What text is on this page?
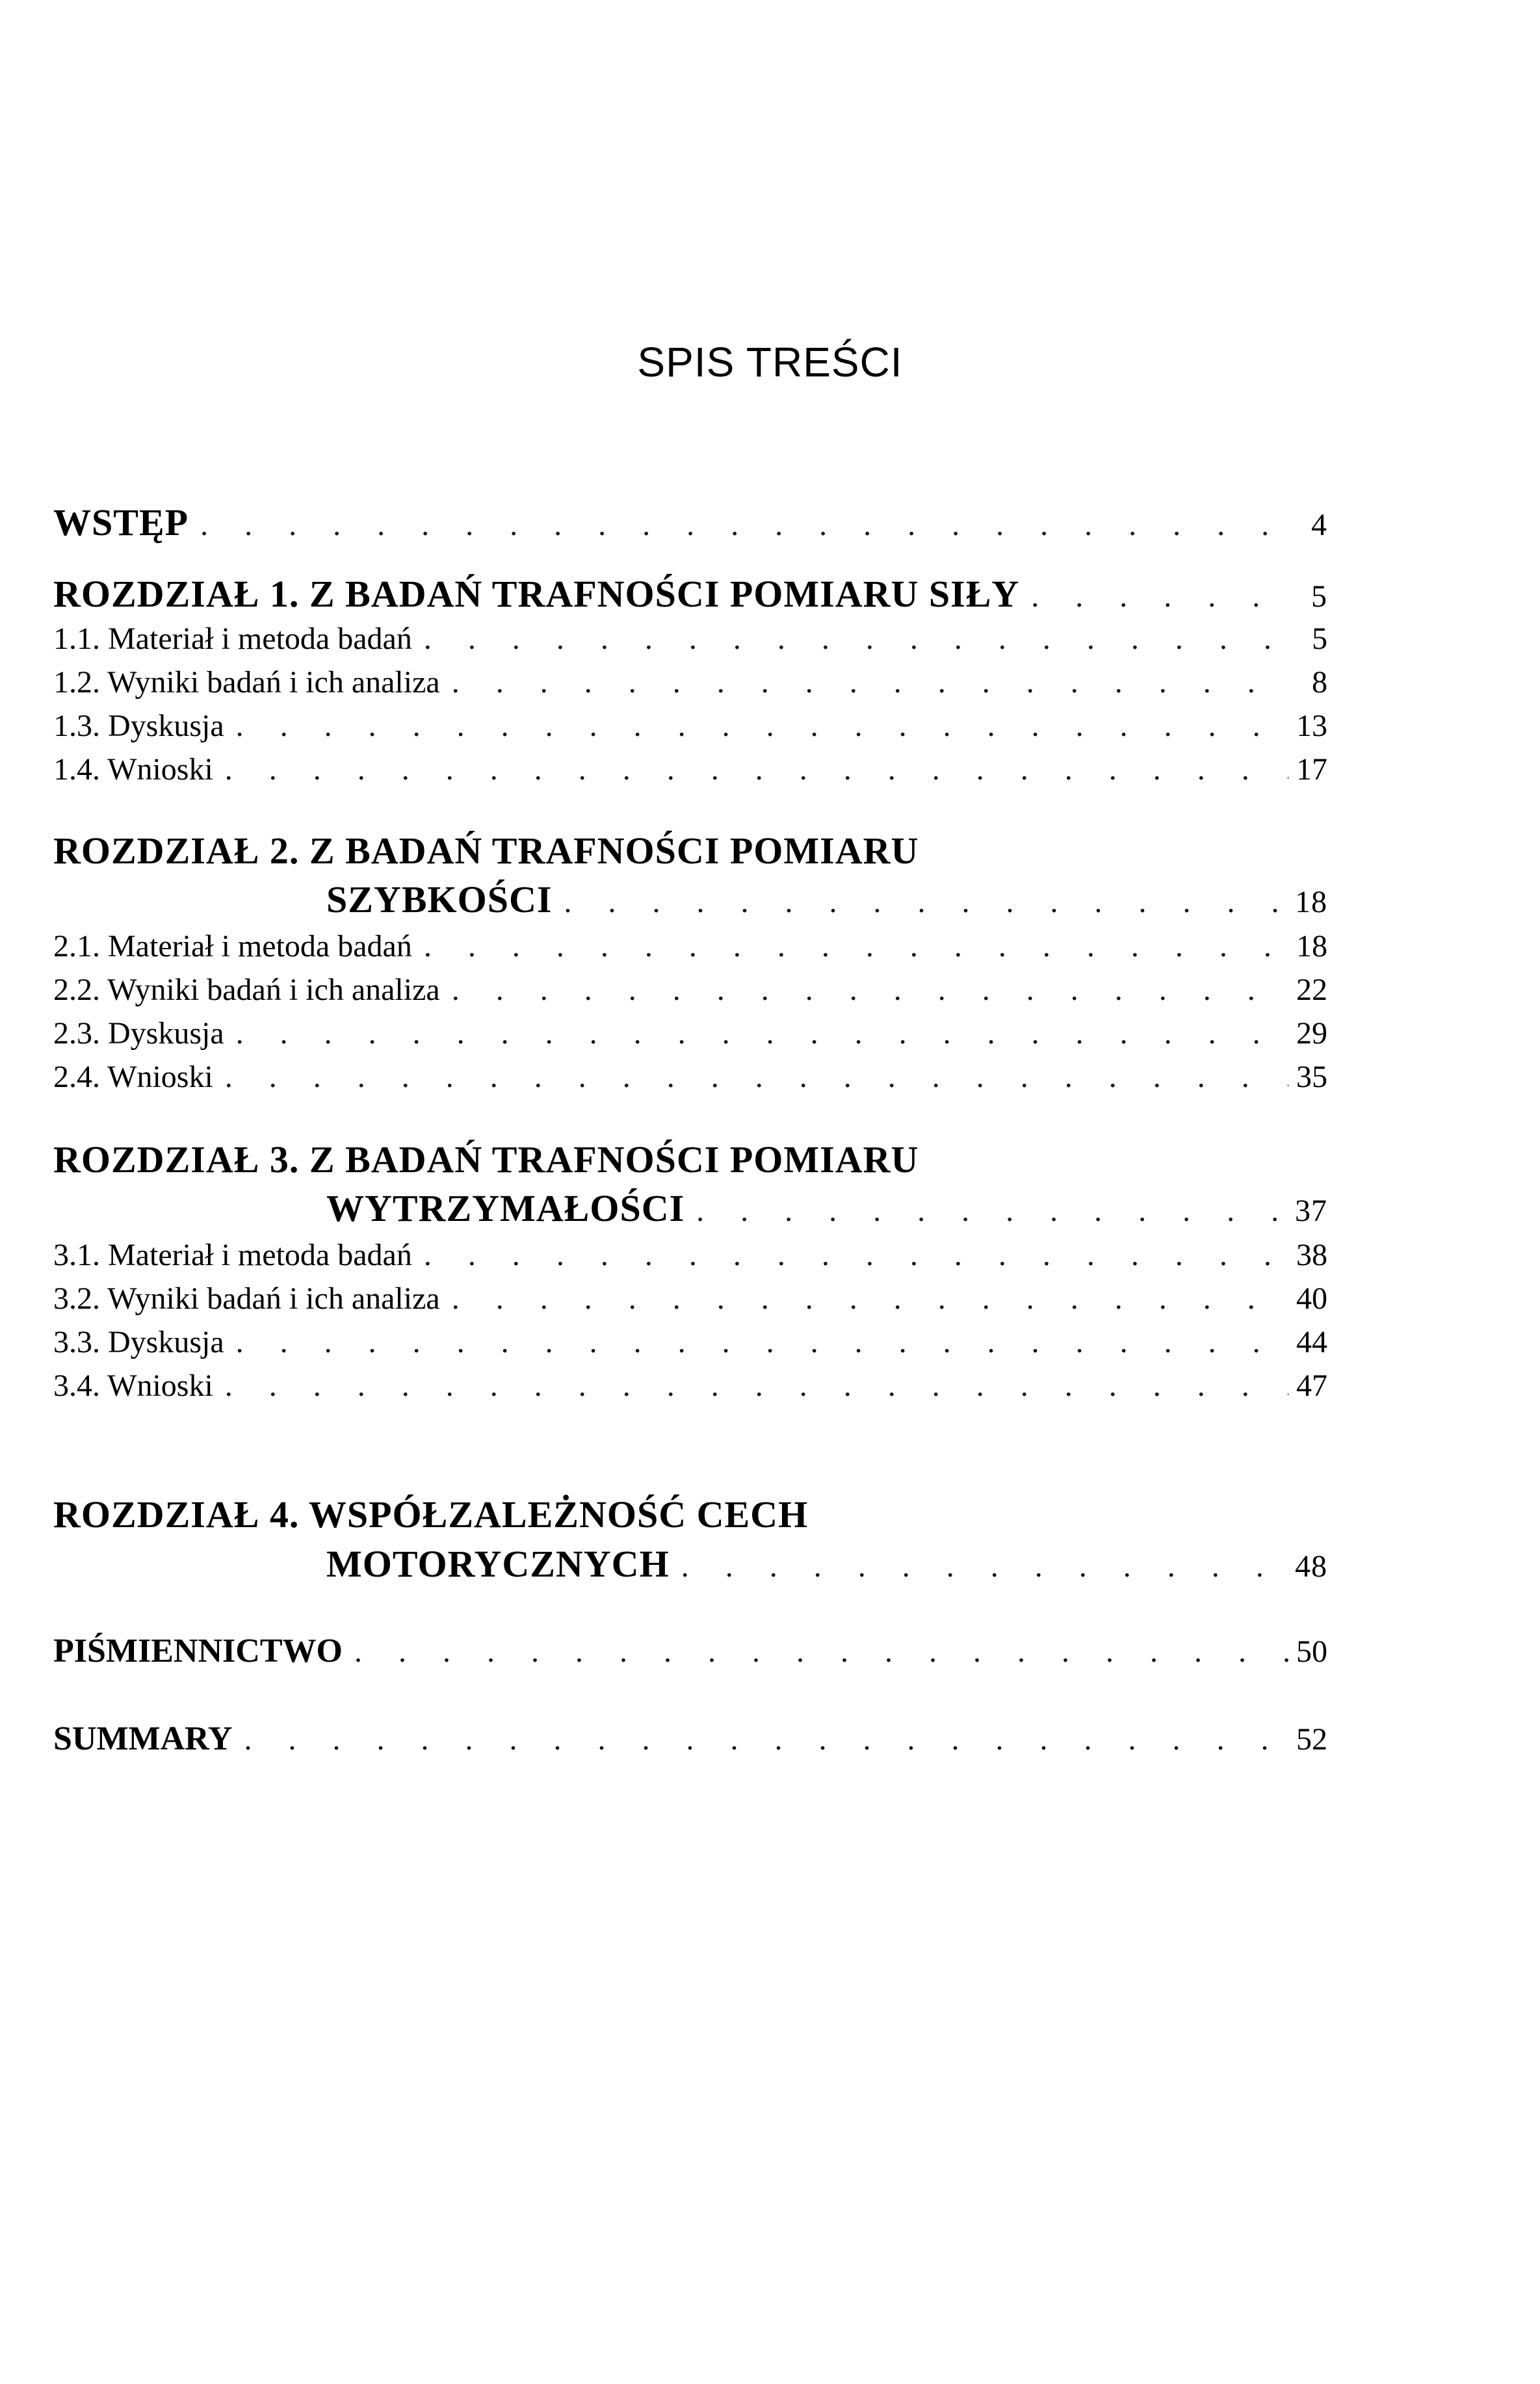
SPIS TREŚCI
WSTĘP . . .	4
ROZDZIAŁ 1. Z BADAŃ TRAFNOŚCI POMIARU SIŁY . . .	5
1.1. Materiał i metoda badań . . .	5
1.2. Wyniki badań i ich analiza . . .	8
1.3. Dyskusja . . .	13
1.4. Wnioski . . .	17
ROZDZIAŁ 2. Z BADAŃ TRAFNOŚCI POMIARU
SZYBKOŚCI . . .	18
2.1. Materiał i metoda badań . . .	18
2.2. Wyniki badań i ich analiza . . .	22
2.3. Dyskusja . . .	29
2.4. Wnioski . . .	35
ROZDZIAŁ 3. Z BADAŃ TRAFNOŚCI POMIARU
WYTRZYMAŁOŚCI . . .	37
3.1. Materiał i metoda badań . . .	38
3.2. Wyniki badań i ich analiza . . .	40
3.3. Dyskusja . . .	44
3.4. Wnioski . . .	47
ROZDZIAŁ 4. WSPÓŁZALEŻNOŚĆ CECH
MOTORYCZNYCH . . .	48
PIŚMIENNICTWO . . .	50
SUMMARY . . .	52
